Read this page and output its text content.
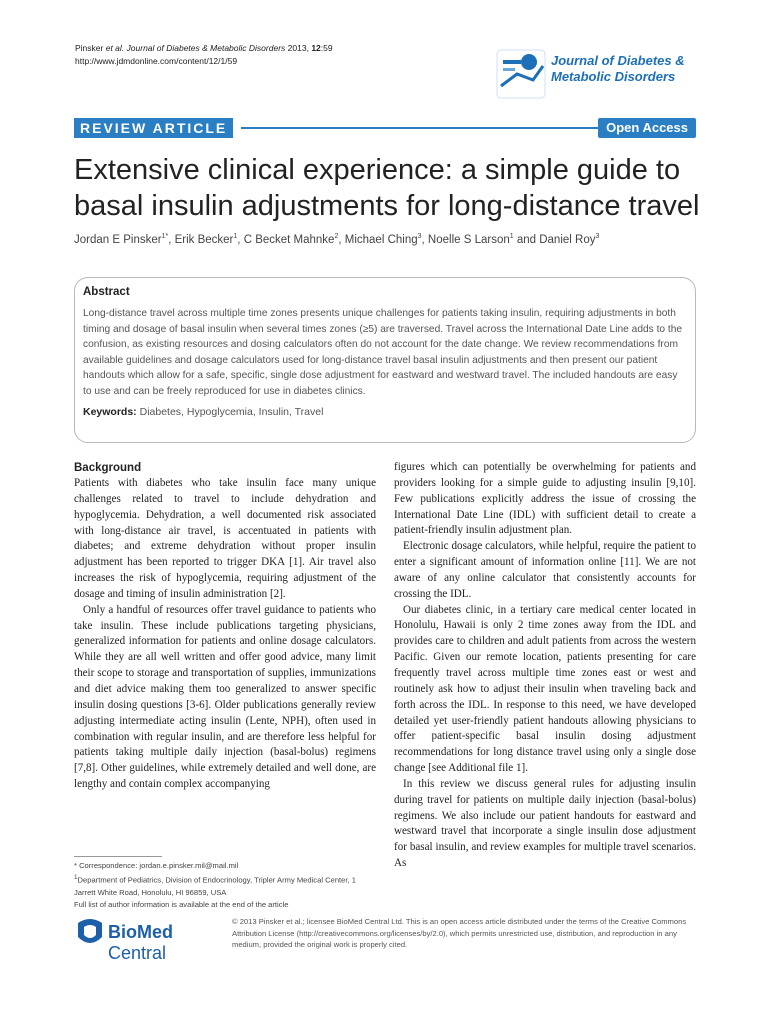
Pinsker et al. Journal of Diabetes & Metabolic Disorders 2013, 12:59
http://www.jdmdonline.com/content/12/1/59	Journal of Diabetes &
Metabolic Disorders
REVIEW ARTICLE	Open Access
Extensive clinical experience: a simple guide to basal insulin adjustments for long-distance travel
Jordan E Pinsker$^{1*}$, Erik Becker$^1$, C Becket Mahnke$^2$, Michael Ching$^3$, Noelle S Larson$^1$ and Daniel Roy$^3$
Abstract

Long-distance travel across multiple time zones presents unique challenges for patients taking insulin, requiring adjustments in both timing and dosage of basal insulin when several times zones (≥5) are traversed. Travel across the International Date Line adds to the confusion, as existing resources and dosing calculators often do not account for the date change. We review recommendations from available guidelines and dosage calculators used for long-distance travel basal insulin adjustments and then present our patient handouts which allow for a safe, specific, single dose adjustment for eastward and westward travel. The included handouts are easy to use and can be freely reproduced for use in diabetes clinics.

Keywords: Diabetes, Hypoglycemia, Insulin, Travel
Background

Patients with diabetes who take insulin face many unique challenges related to travel to include dehydration and hypoglycemia. Dehydration, a well documented risk associated with long-distance air travel, is accentuated in patients with diabetes; and extreme dehydration without proper insulin adjustment has been reported to trigger DKA [1]. Air travel also increases the risk of hypoglycemia, requiring adjustment of the dosage and timing of insulin administration [2].

Only a handful of resources offer travel guidance to patients who take insulin. These include publications targeting physicians, generalized information for patients and online dosage calculators. While they are all well written and offer good advice, many limit their scope to storage and transportation of supplies, immunizations and diet advice making them too generalized to answer specific insulin dosing questions [3-6]. Older publications generally review adjusting intermediate acting insulin (Lente, NPH), often used in combination with regular insulin, and are therefore less helpful for patients taking multiple daily injection (basal-bolus) regimens [7,8]. Other guidelines, while extremely detailed and well done, are lengthy and contain complex accompanying

figures which can potentially be overwhelming for patients and providers looking for a simple guide to adjusting insulin [9,10]. Few publications explicitly address the issue of crossing the International Date Line (IDL) with sufficient detail to create a patient-friendly insulin adjustment plan.

Electronic dosage calculators, while helpful, require the patient to enter a significant amount of information online [11]. We are not aware of any online calculator that consistently accounts for crossing the IDL.

Our diabetes clinic, in a tertiary care medical center located in Honolulu, Hawaii is only 2 time zones away from the IDL and provides care to children and adult patients from across the western Pacific. Given our remote location, patients presenting for care frequently travel across multiple time zones east or west and routinely ask how to adjust their insulin when traveling back and forth across the IDL. In response to this need, we have developed detailed yet user-friendly patient handouts allowing physicians to offer patient-specific basal insulin dosing adjustment recommendations for long distance travel using only a single dose change [see Additional file 1].

In this review we discuss general rules for adjusting insulin during travel for patients on multiple daily injection (basal-bolus) regimens. We also include our patient handouts for eastward and westward travel that incorporate a single insulin dose adjustment for basal insulin, and review examples for multiple travel scenarios. As

* Correspondence: jordan.e.pinsker.mil@mail.mil

$^1$Department of Pediatrics, Division of Endocrinology, Tripler Army Medical Center, 1 Jarrett White Road, Honolulu, HI 96859, USA

Full list of author information is available at the end of the article

BioMed Central
© 2013 Pinsker et al.; licensee BioMed Central Ltd. This is an open access article distributed under the terms of the Creative Commons Attribution License (http://creativecommons.org/licenses/by/2.0), which permits unrestricted use, distribution, and reproduction in any medium, provided the original work is properly cited.
